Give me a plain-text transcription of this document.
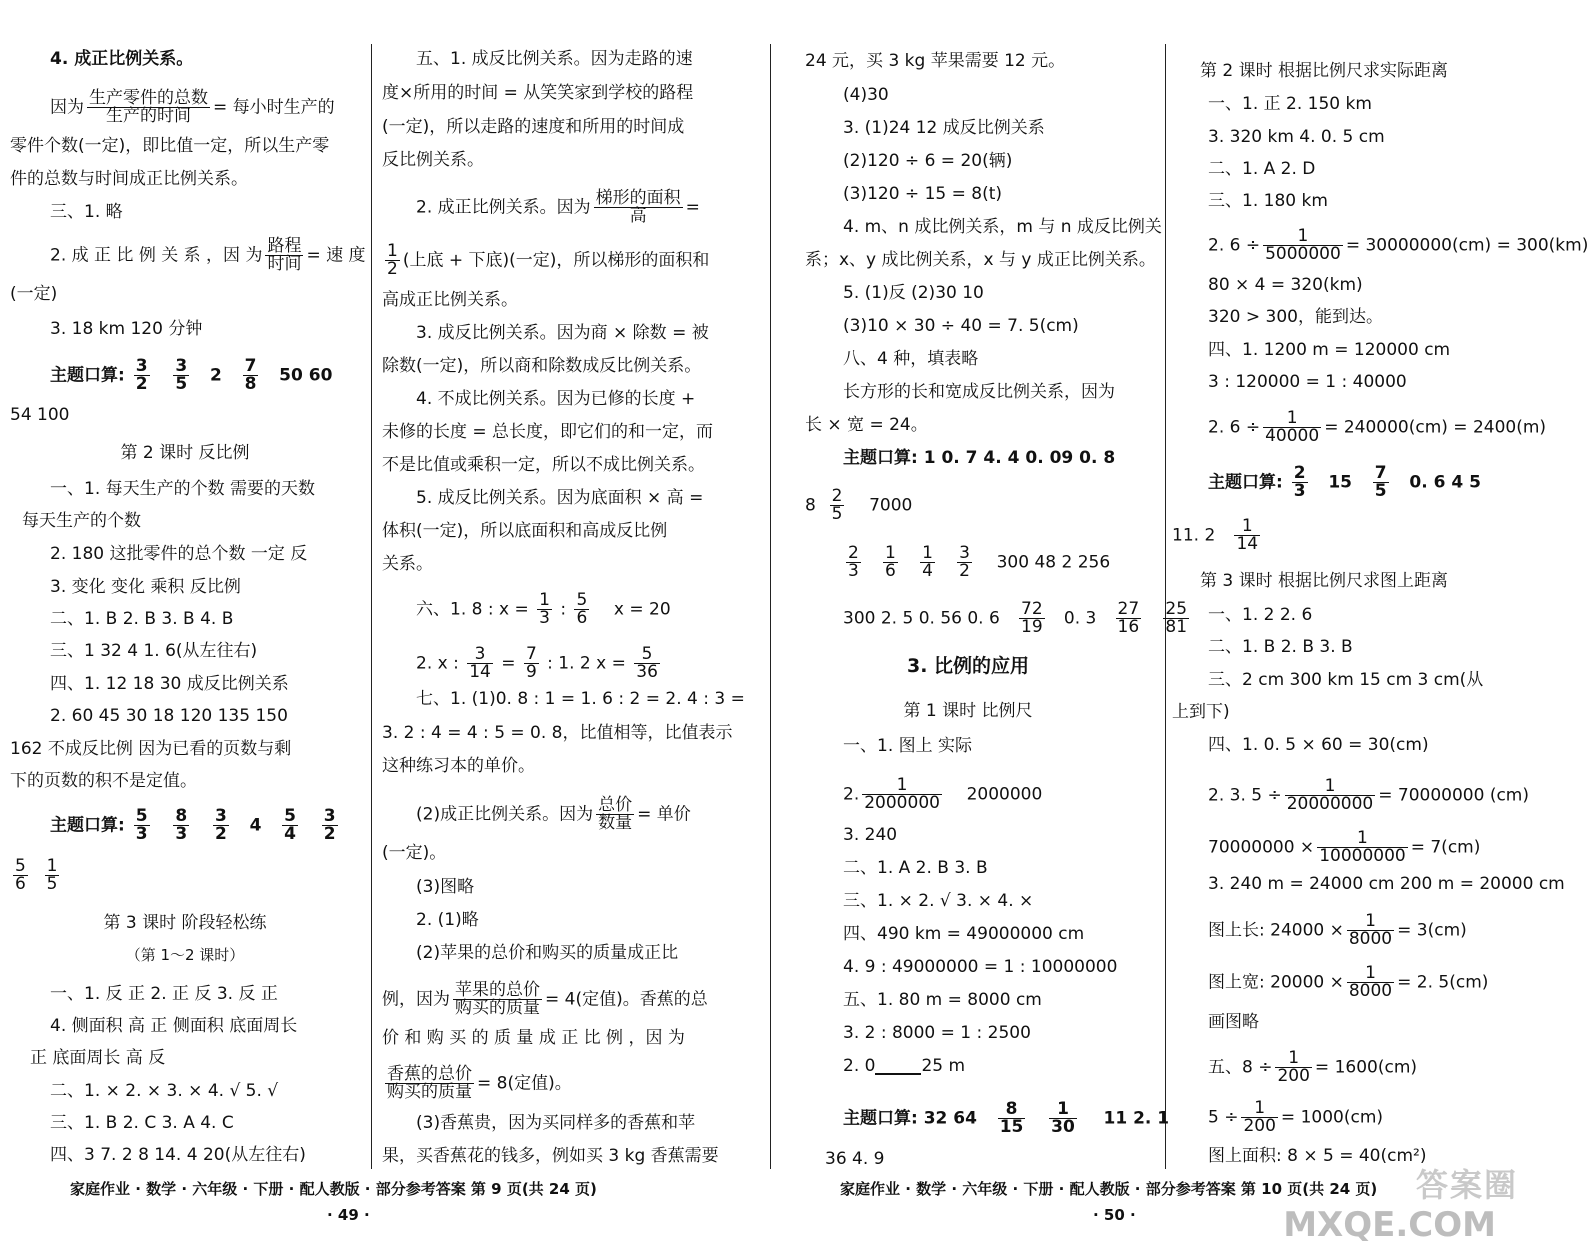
4. 成正比例关系。
因为 $\frac{\text{生产零件的总数}}{\text{生产的时间}}$ = 每小时生产的
零件个数(一定)，即比值一定，所以生产零
件的总数与时间成正比例关系。
三、1. 略
2. 成 正 比 例 关 系 ，因 为 $\frac{\text{路程}}{\text{时间}}$ = 速 度
(一定)
3. 18 km 120 分钟
主题口算: $\frac{3}{2}$
$\frac{3}{5} 2 \frac{7}{8} 50$ 60
54 100
第 2 课时 反比例
一、1. 每天生产的个数 需要的天数
每天生产的个数
2. 180 这批零件的总个数 一定 反
3. 变化 变化 乘积 反比例
二、1. B 2. B 3. B 4. B
三、1 32 4 1. 6(从左往右)
四、1. 12 18 30 成反比例关系
2. 60 45 30 18 120 135 150
162 不成反比例 因为已看的页数与剩
下的页数的积不是定值。
主题口算: $\frac{5}{3}$
$\frac{8}{3}$
$\frac{3}{2} 4 \frac{5}{4}$
$\frac{3}{2}$
$\frac{5}{6}$
$\frac{1}{5}$
第 3 课时 阶段轻松练
（第 1～2 课时）
一、1. 反 正 2. 正 反 3. 反 正
4. 侧面积 高 正 侧面积 底面周长
正 底面周长 高 反
二、1. × 2. × 3. × 4. √ 5. √
三、1. B 2. C 3. A 4. C
四、3 7. 2 8 14. 4 20(从左往右)
五、1. 成反比例关系。因为走路的速
度×所用的时间 = 从笑笑家到学校的路程
(一定)，所以走路的速度和所用的时间成
反比例关系。
2. 成正比例关系。因为 $\frac{\text{梯形的面积}}{\text{高}}$ =
$\frac{1}{2}$ (上底 + 下底)(一定)，所以梯形的面积和
高成正比例关系。
3. 成反比例关系。因为商 × 除数 = 被
除数(一定)，所以商和除数成反比例关系。
4. 不成比例关系。因为已修的长度 +
未修的长度 = 总长度，即它们的和一定，而
不是比值或乘积一定，所以不成比例关系。
5. 成反比例关系。因为底面积 × 高 =
体积(一定)，所以底面积和高成反比例
关系。
六、1. 8 : $x = \frac{1}{3}$ : $\frac{5}{6}$ x = 20
2. x : $\frac{3}{14} = \frac{7}{9}$ : 1. 2 $x = \frac{5}{36}$
七、1. (1)0. 8 : 1 = 1. 6 : 2 = 2. 4 : 3 =
3. 2 : 4 = 4 : 5 = 0. 8，比值相等，比值表示
这种练习本的单价。
(2)成正比例关系。因为 $\frac{\text{总价}}{\text{数量}}$ = 单价
(一定)。
(3)图略
2. (1)略
(2)苹果的总价和购买的质量成正比
例，因为 $\frac{\text{苹果的总价}}{\text{购买的质量}} = 4$(定值)。香蕉的总
价 和 购 买 的 质 量 成 正 比 例 ，因 为
$\frac{\text{香蕉的总价}}{\text{购买的质量}} = 8$(定值)。
(3)香蕉贵，因为买同样多的香蕉和苹
果，买香蕉花的钱多，例如买 3 kg 香蕉需要
24 元，买 3 kg 苹果需要 12 元。
(4)30
3. (1)24 12 成反比例关系
(2)120 ÷ 6 = 20(辆)
(3)120 ÷ 15 = 8(t)
4. m、n 成比例关系，m 与 n 成反比例关
系；x、y 成比例关系，x 与 y 成正比例关系。
5. (1)反 (2)30 10
(3)10 × 30 ÷ 40 = 7. 5(cm)
八、4 种，填表略
长方形的长和宽成反比例关系，因为
长 × 宽 = 24。
主题口算: 1 0. 7 4. 4 0. 09 0. 8
$8 \frac{2}{5} 7000$
$\frac{2}{3}$
$\frac{1}{6}$
$\frac{1}{4}$
$\frac{3}{2} 300$ 48 2 256
300 2. 5 0. 56 0. $6 \frac{72}{19} 0$. $3 \frac{27}{16}$
$\frac{25}{81}$
3. 比例的应用
第 1 课时 比例尺
一、1. 图上 实际
2. $\frac{1}{2000000} 2000000$
3. 240
二、1. A 2. B 3. B
三、1. × 2. √ 3. × 4. ×
四、490 km = 49000000 cm
4. 9 : 49000000 = 1 : 10000000
五、1. 80 m = 8000 cm
3. 2 : 8000 = 1 : 2500
2. 0	25 m
主题口算: 32 $64 \frac{8}{15}$
$\frac{1}{30} 11$ 2. 1
36 4. 9
第 2 课时 根据比例尺求实际距离
一、1. 正 2. 150 km
3. 320 km 4. 0. 5 cm
二、1. A 2. D
三、1. 180 km
2. $6 \div \frac{1}{5000000} = 30000000(cm) = 300(km)$
80 × 4 = 320(km)
320 > 300，能到达。
四、1. 1200 m = 120000 cm
3 : 120000 = 1 : 40000
2. $6 \div \frac{1}{40000} = 240000(cm) = 2400(m)$
主题口算: $\frac{2}{3} 15 \frac{7}{5} 0$. 6 4 5
11. $2 \frac{1}{14}$
第 3 课时 根据比例尺求图上距离
一、1. 2 2. 6
二、1. B 2. B 3. B
三、2 cm 300 km 15 cm 3 cm(从
上到下)
四、1. 0. 5 × 60 = 30(cm)
2. 3. $5 \div \frac{1}{20000000} = 70000000$ (cm)
$70000000 \times \frac{1}{10000000} = 7(cm)$
3. 240 m = 24000 cm 200 m = 20000 cm
图上长: $24000 \times \frac{1}{8000} = 3(cm)$
图上宽: $20000 \times \frac{1}{8000} = 2$. 5(cm)
画图略
五、$8 \div \frac{1}{200} = 1600(cm)$
$5 \div \frac{1}{200} = 1000(cm)$
图上面积: 8 × 5 = 40(cm²)
家庭作业 · 数学 · 六年级 · 下册 · 配人教版 · 部分参考答案 第 9 页(共 24 页)
· 49 ·
家庭作业 · 数学 · 六年级 · 下册 · 配人教版 · 部分参考答案 第 10 页(共 24 页)
· 50 ·
答案圈
MXQE.COM
